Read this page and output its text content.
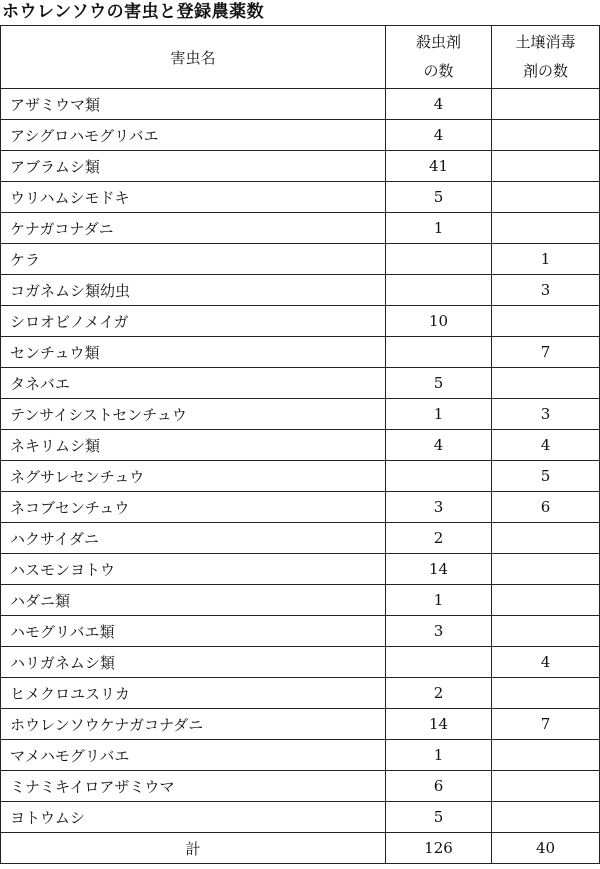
ホウレンソウの害虫と登録農薬数
害虫名	殺虫剤
の数	土壌消毒
剤の数
アザミウマ類	4	
アシグロハモグリバエ	4	
アブラムシ類	41	
ウリハムシモドキ	5	
ケナガコナダニ	1	
ケラ		1
コガネムシ類幼虫		3
シロオビノメイガ	10	
センチュウ類		7
タネバエ	5	
テンサイシストセンチュウ	1	3
ネキリムシ類	4	4
ネグサレセンチュウ		5
ネコブセンチュウ	3	6
ハクサイダニ	2	
ハスモンヨトウ	14	
ハダニ類	1	
ハモグリバエ類	3	
ハリガネムシ類		4
ヒメクロユスリカ	2	
ホウレンソウケナガコナダニ	14	7
マメハモグリバエ	1	
ミナミキイロアザミウマ	6	
ヨトウムシ	5	
計	126	40
